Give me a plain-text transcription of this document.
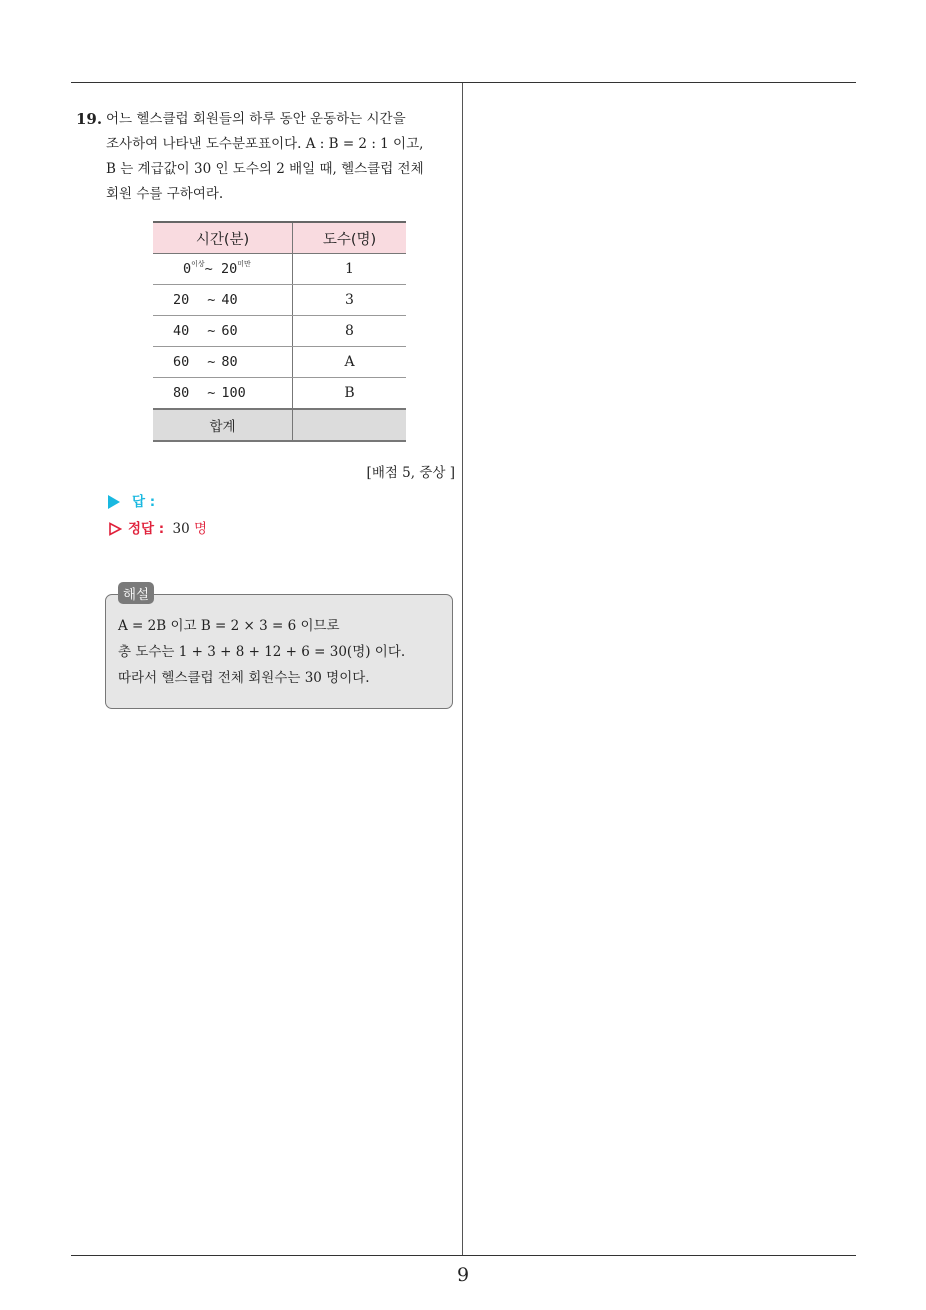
9
19. 어느 헬스클럽 회원들의 하루 동안 운동하는 시간을
조사하여 나타낸 도수분포표이다. A : B = 2 : 1 이고,
B 는 계급값이 30 인 도수의 2 배일 때, 헬스클럽 전체
회원 수를 구하여라.
시간(분)	도수(명)
$0^{이상}\sim$ $20^{미만}$	1
20 ~ 40	3
40 ~ 60	8
60 ~ 80	A
80 ~ 100	B
합계	
[배점 5, 중상 ]
답 :
정답 : 30 명
해설
A = 2B 이고 B = 2 × 3 = 6 이므로
총 도수는 1 + 3 + 8 + 12 + 6 = 30(명) 이다.
따라서 헬스클럽 전체 회원수는 30 명이다.
